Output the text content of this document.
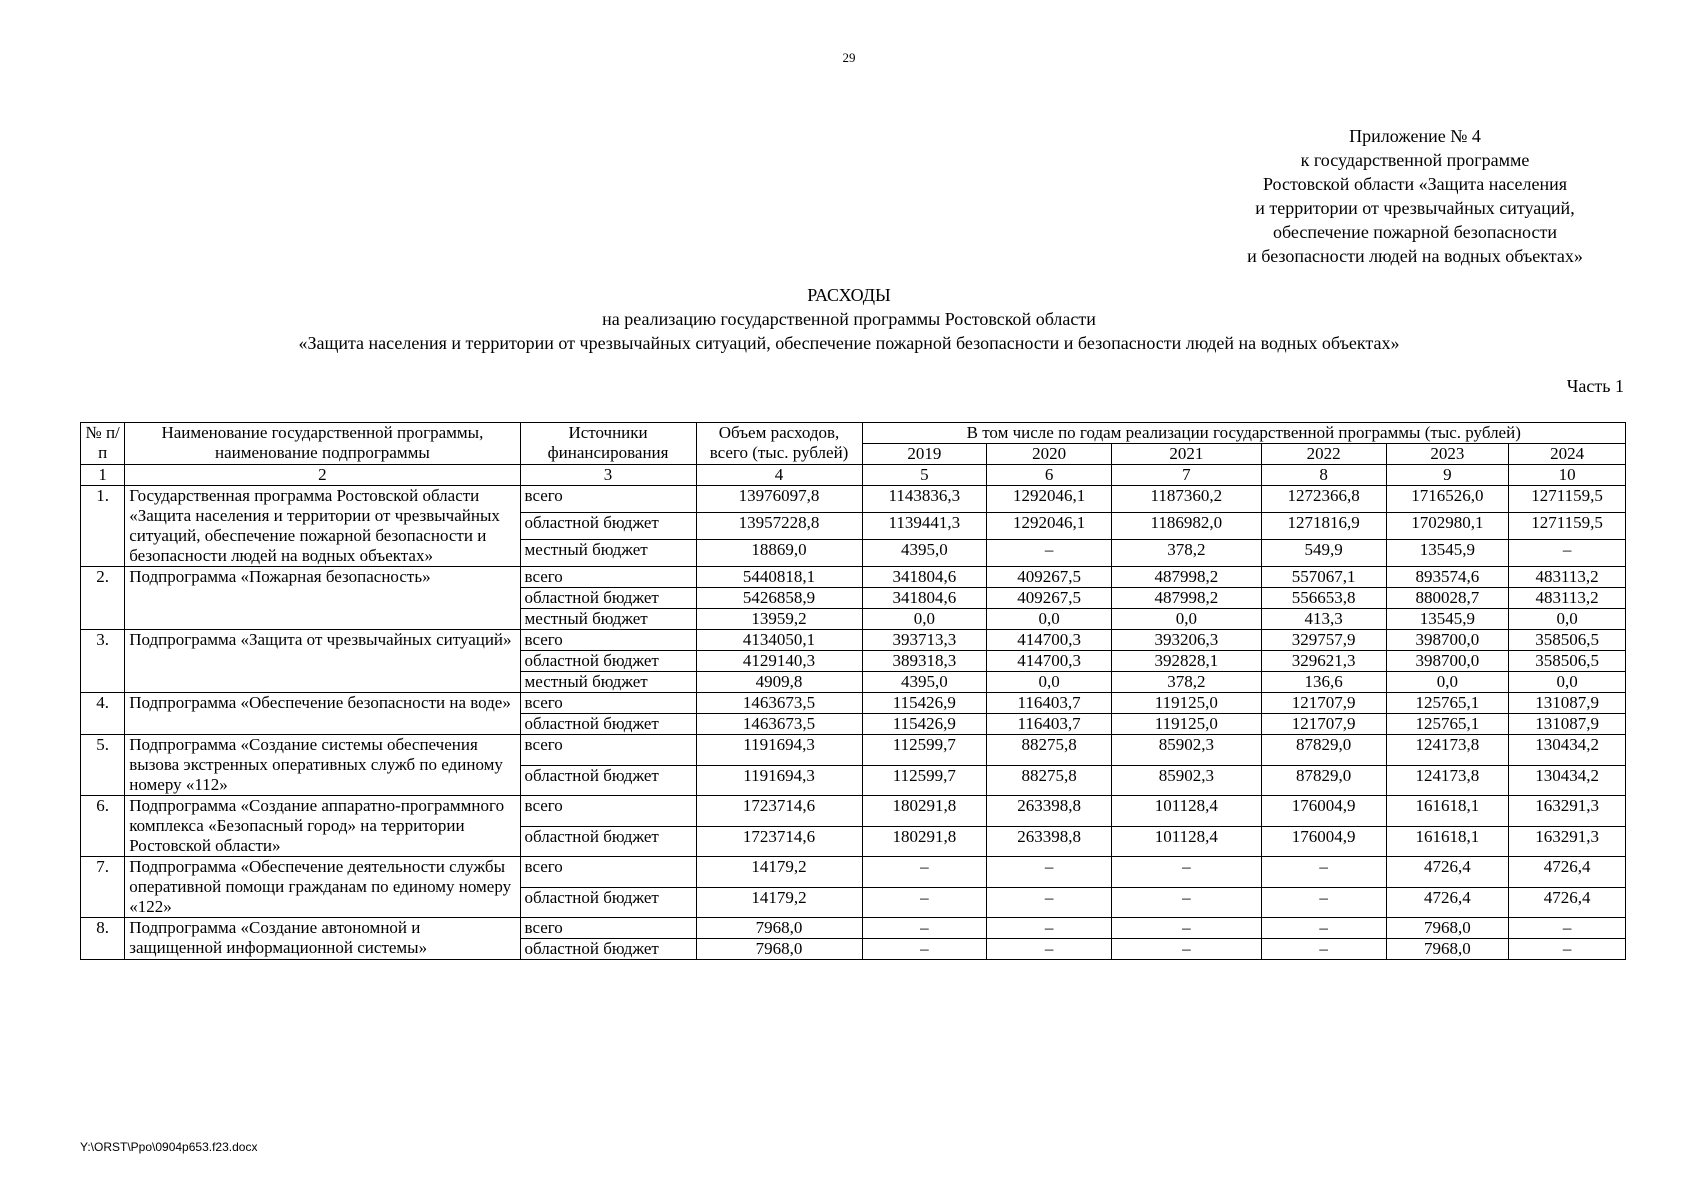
29
Приложение № 4
к государственной программе
Ростовской области «Защита населения
и территории от чрезвычайных ситуаций,
обеспечение пожарной безопасности
и безопасности людей на водных объектах»
РАСХОДЫ
на реализацию государственной программы Ростовской области
«Защита населения и территории от чрезвычайных ситуаций, обеспечение пожарной безопасности и безопасности людей на водных объектах»
Часть 1
№ п/п	Наименование государственной программы, наименование подпрограммы	Источники финансирования	Объем расходов, всего (тыс. рублей)	В том числе по годам реализации государственной программы (тыс. рублей)					
				2019	2020	2021	2022	2023	2024
1	2	3	4	5	6	7	8	9	10
1.	Государственная программа Ростовской области «Защита населения и территории от чрезвычайных ситуаций, обеспечение пожарной безопасности и безопасности людей на водных объектах»	всего	13976097,8	1143836,3	1292046,1	1187360,2	1272366,8	1716526,0	1271159,5
		областной бюджет	13957228,8	1139441,3	1292046,1	1186982,0	1271816,9	1702980,1	1271159,5
		местный бюджет	18869,0	4395,0	–	378,2	549,9	13545,9	–
2.	Подпрограмма «Пожарная безопасность»	всего	5440818,1	341804,6	409267,5	487998,2	557067,1	893574,6	483113,2
		областной бюджет	5426858,9	341804,6	409267,5	487998,2	556653,8	880028,7	483113,2
		местный бюджет	13959,2	0,0	0,0	0,0	413,3	13545,9	0,0
3.	Подпрограмма «Защита от чрезвычайных ситуаций»	всего	4134050,1	393713,3	414700,3	393206,3	329757,9	398700,0	358506,5
		областной бюджет	4129140,3	389318,3	414700,3	392828,1	329621,3	398700,0	358506,5
		местный бюджет	4909,8	4395,0	0,0	378,2	136,6	0,0	0,0
4.	Подпрограмма «Обеспечение безопасности на воде»	всего	1463673,5	115426,9	116403,7	119125,0	121707,9	125765,1	131087,9
		областной бюджет	1463673,5	115426,9	116403,7	119125,0	121707,9	125765,1	131087,9
5.	Подпрограмма «Создание системы обеспечения вызова экстренных оперативных служб по единому номеру «112»	всего	1191694,3	112599,7	88275,8	85902,3	87829,0	124173,8	130434,2
		областной бюджет	1191694,3	112599,7	88275,8	85902,3	87829,0	124173,8	130434,2
6.	Подпрограмма «Создание аппаратно-программного комплекса «Безопасный город» на территории Ростовской области»	всего	1723714,6	180291,8	263398,8	101128,4	176004,9	161618,1	163291,3
		областной бюджет	1723714,6	180291,8	263398,8	101128,4	176004,9	161618,1	163291,3
7.	Подпрограмма «Обеспечение деятельности службы оперативной помощи гражданам по единому номеру «122»	всего	14179,2	–	–	–	–	4726,4	4726,4
		областной бюджет	14179,2	–	–	–	–	4726,4	4726,4
8.	Подпрограмма «Создание автономной и защищенной информационной системы»	всего	7968,0	–	–	–	–	7968,0	–
		областной бюджет	7968,0	–	–	–	–	7968,0	–
Y:\ORST\Ppo\0904p653.f23.docx
